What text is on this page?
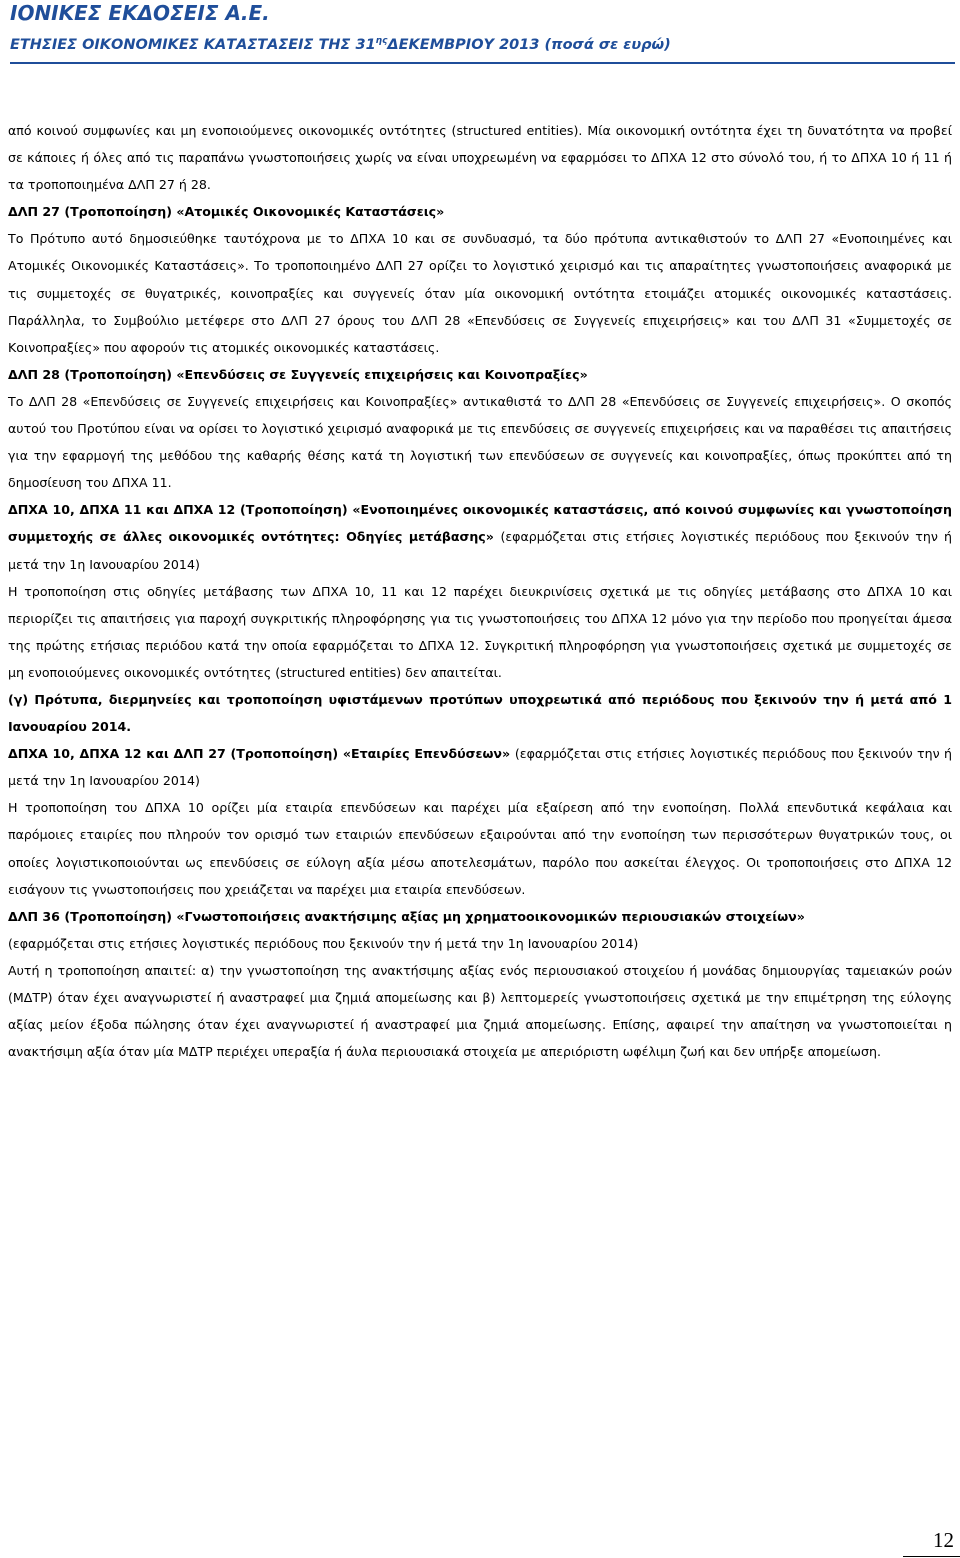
ΙΟΝΙΚΕΣ ΕΚΔΟΣΕΙΣ Α.Ε.
ΕΤΗΣΙΕΣ ΟΙΚΟΝΟΜΙΚΕΣ ΚΑΤΑΣΤΑΣΕΙΣ ΤΗΣ $31^{\eta\varsigma}\Delta EKEMBPIO\Upsilon$ 2013 (ποσά σε ευρώ)

από κοινού συμφωνίες και μη ενοποιούμενες οικονομικές οντότητες (structured entities). Μία οικονομική οντότητα έχει τη δυνατότητα να προβεί σε κάποιες ή όλες από τις παραπάνω γνωστοποιήσεις χωρίς να είναι υποχρεωμένη να εφαρμόσει το ΔΠΧΑ 12 στο σύνολό του, ή το ΔΠΧΑ 10 ή 11 ή τα τροποποιημένα ΔΛΠ 27 ή 28.

ΔΛΠ 27 (Τροποποίηση) «Ατομικές Οικονομικές Καταστάσεις»

Το Πρότυπο αυτό δημοσιεύθηκε ταυτόχρονα με το ΔΠΧΑ 10 και σε συνδυασμό, τα δύο πρότυπα αντικαθιστούν το ΔΛΠ 27 «Ενοποιημένες και Ατομικές Οικονομικές Καταστάσεις». Το τροποποιημένο ΔΛΠ 27 ορίζει το λογιστικό χειρισμό και τις απαραίτητες γνωστοποιήσεις αναφορικά με τις συμμετοχές σε θυγατρικές, κοινοπραξίες και συγγενείς όταν μία οικονομική οντότητα ετοιμάζει ατομικές οικονομικές καταστάσεις. Παράλληλα, το Συμβούλιο μετέφερε στο ΔΛΠ 27 όρους του ΔΛΠ 28 «Επενδύσεις σε Συγγενείς επιχειρήσεις» και του ΔΛΠ 31 «Συμμετοχές σε Κοινοπραξίες» που αφορούν τις ατομικές οικονομικές καταστάσεις.

ΔΛΠ 28 (Τροποποίηση) «Επενδύσεις σε Συγγενείς επιχειρήσεις και Κοινοπραξίες»

Το ΔΛΠ 28 «Επενδύσεις σε Συγγενείς επιχειρήσεις και Κοινοπραξίες» αντικαθιστά το ΔΛΠ 28 «Επενδύσεις σε Συγγενείς επιχειρήσεις». Ο σκοπός αυτού του Προτύπου είναι να ορίσει το λογιστικό χειρισμό αναφορικά με τις επενδύσεις σε συγγενείς επιχειρήσεις και να παραθέσει τις απαιτήσεις για την εφαρμογή της μεθόδου της καθαρής θέσης κατά τη λογιστική των επενδύσεων σε συγγενείς και κοινοπραξίες, όπως προκύπτει από τη δημοσίευση του ΔΠΧΑ 11.

ΔΠΧΑ 10, ΔΠΧΑ 11 και ΔΠΧΑ 12 (Τροποποίηση) «Ενοποιημένες οικονομικές καταστάσεις, από κοινού συμφωνίες και γνωστοποίηση συμμετοχής σε άλλες οικονομικές οντότητες: Οδηγίες μετάβασης» (εφαρμόζεται στις ετήσιες λογιστικές περιόδους που ξεκινούν την ή μετά την 1η Ιανουαρίου 2014)

Η τροποποίηση στις οδηγίες μετάβασης των ΔΠΧΑ 10, 11 και 12 παρέχει διευκρινίσεις σχετικά με τις οδηγίες μετάβασης στο ΔΠΧΑ 10 και περιορίζει τις απαιτήσεις για παροχή συγκριτικής πληροφόρησης για τις γνωστοποιήσεις του ΔΠΧΑ 12 μόνο για την περίοδο που προηγείται άμεσα της πρώτης ετήσιας περιόδου κατά την οποία εφαρμόζεται το ΔΠΧΑ 12. Συγκριτική πληροφόρηση για γνωστοποιήσεις σχετικά με συμμετοχές σε μη ενοποιούμενες οικονομικές οντότητες (structured entities) δεν απαιτείται.

(γ) Πρότυπα, διερμηνείες και τροποποίηση υφιστάμενων προτύπων υποχρεωτικά από περιόδους που ξεκινούν την ή μετά από 1 Ιανουαρίου 2014.

ΔΠΧΑ 10, ΔΠΧΑ 12 και ΔΛΠ 27 (Τροποποίηση) «Εταιρίες Επενδύσεων» (εφαρμόζεται στις ετήσιες λογιστικές περιόδους που ξεκινούν την ή μετά την 1η Ιανουαρίου 2014)

Η τροποποίηση του ΔΠΧΑ 10 ορίζει μία εταιρία επενδύσεων και παρέχει μία εξαίρεση από την ενοποίηση. Πολλά επενδυτικά κεφάλαια και παρόμοιες εταιρίες που πληρούν τον ορισμό των εταιριών επενδύσεων εξαιρούνται από την ενοποίηση των περισσότερων θυγατρικών τους, οι οποίες λογιστικοποιούνται ως επενδύσεις σε εύλογη αξία μέσω αποτελεσμάτων, παρόλο που ασκείται έλεγχος. Οι τροποποιήσεις στο ΔΠΧΑ 12 εισάγουν τις γνωστοποιήσεις που χρειάζεται να παρέχει μια εταιρία επενδύσεων.

ΔΛΠ 36 (Τροποποίηση) «Γνωστοποιήσεις ανακτήσιμης αξίας μη χρηματοοικονομικών περιουσιακών στοιχείων»

(εφαρμόζεται στις ετήσιες λογιστικές περιόδους που ξεκινούν την ή μετά την 1η Ιανουαρίου 2014)

Αυτή η τροποποίηση απαιτεί: α) την γνωστοποίηση της ανακτήσιμης αξίας ενός περιουσιακού στοιχείου ή μονάδας δημιουργίας ταμειακών ροών (ΜΔΤΡ) όταν έχει αναγνωριστεί ή αναστραφεί μια ζημιά απομείωσης και β) λεπτομερείς γνωστοποιήσεις σχετικά με την επιμέτρηση της εύλογης αξίας μείον έξοδα πώλησης όταν έχει αναγνωριστεί ή αναστραφεί μια ζημιά απομείωσης. Επίσης, αφαιρεί την απαίτηση να γνωστοποιείται η ανακτήσιμη αξία όταν μία ΜΔΤΡ περιέχει υπεραξία ή άυλα περιουσιακά στοιχεία με απεριόριστη ωφέλιμη ζωή και δεν υπήρξε απομείωση.

12
